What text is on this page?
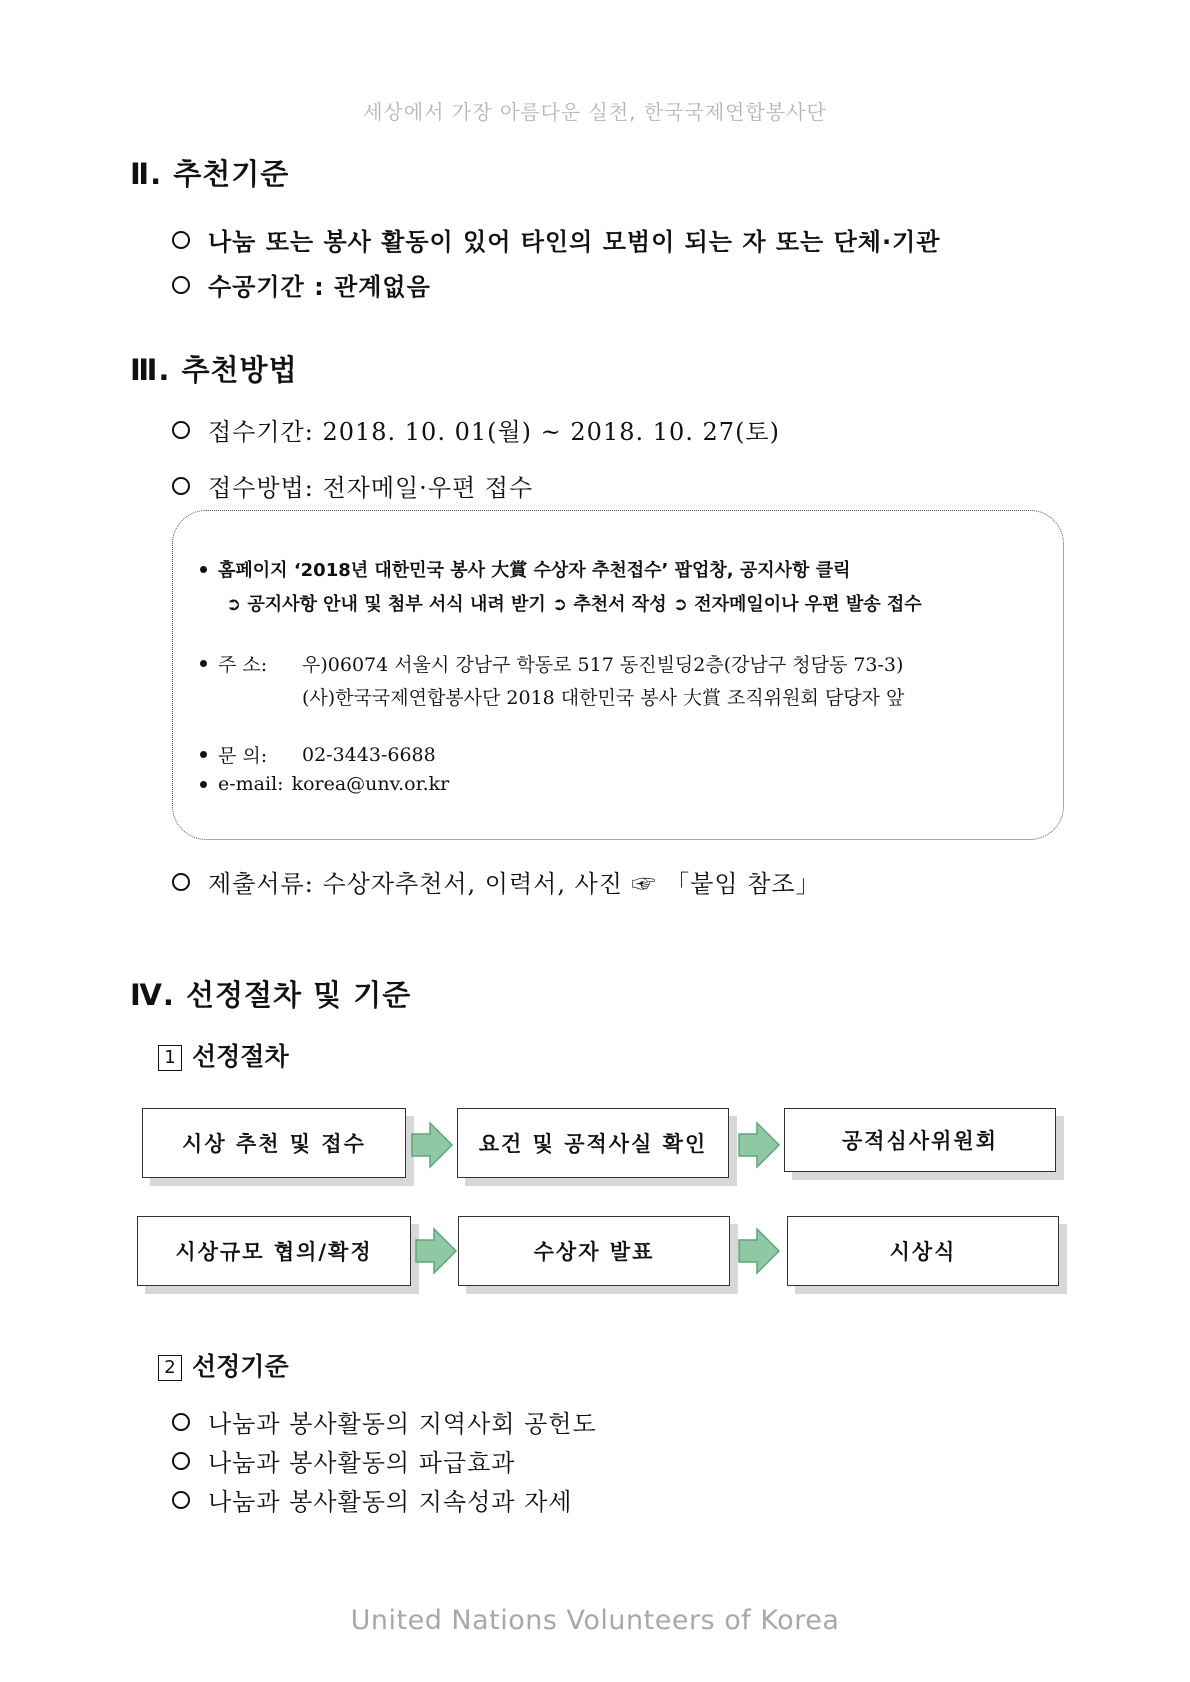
세상에서 가장 아름다운 실천, 한국국제연합봉사단
Ⅱ. 추천기준
나눔 또는 봉사 활동이 있어 타인의 모범이 되는 자 또는 단체·기관
수공기간 : 관계없음
Ⅲ. 추천방법
접수기간: 2018. 10. 01(월) ~ 2018. 10. 27(토)
접수방법: 전자메일·우편 접수
홈페이지 ‘2018년 대한민국 봉사 大賞 수상자 추천접수’ 팝업창, 공지사항 클릭
➲ 공지사항 안내 및 첨부 서식 내려 받기 ➲ 추천서 작성 ➲ 전자메일이나 우편 발송 접수
주 소:	우)06074 서울시 강남구 학동로 517 동진빌딩2층(강남구 청담동 73-3)
(사)한국국제연합봉사단 2018 대한민국 봉사 大賞 조직위원회 담당자 앞
문 의:	02-3443-6688
e-mail: korea@unv.or.kr
제출서류: 수상자추천서, 이력서, 사진 ☞ 「붙임 참조」
Ⅳ. 선정절차 및 기준
1 선정절차
시상 추천 및 접수	요건 및 공적사실 확인	공적심사위원회
시상규모 협의/확정	수상자 발표	시상식
2 선정기준
나눔과 봉사활동의 지역사회 공헌도
나눔과 봉사활동의 파급효과
나눔과 봉사활동의 지속성과 자세
United Nations Volunteers of Korea
